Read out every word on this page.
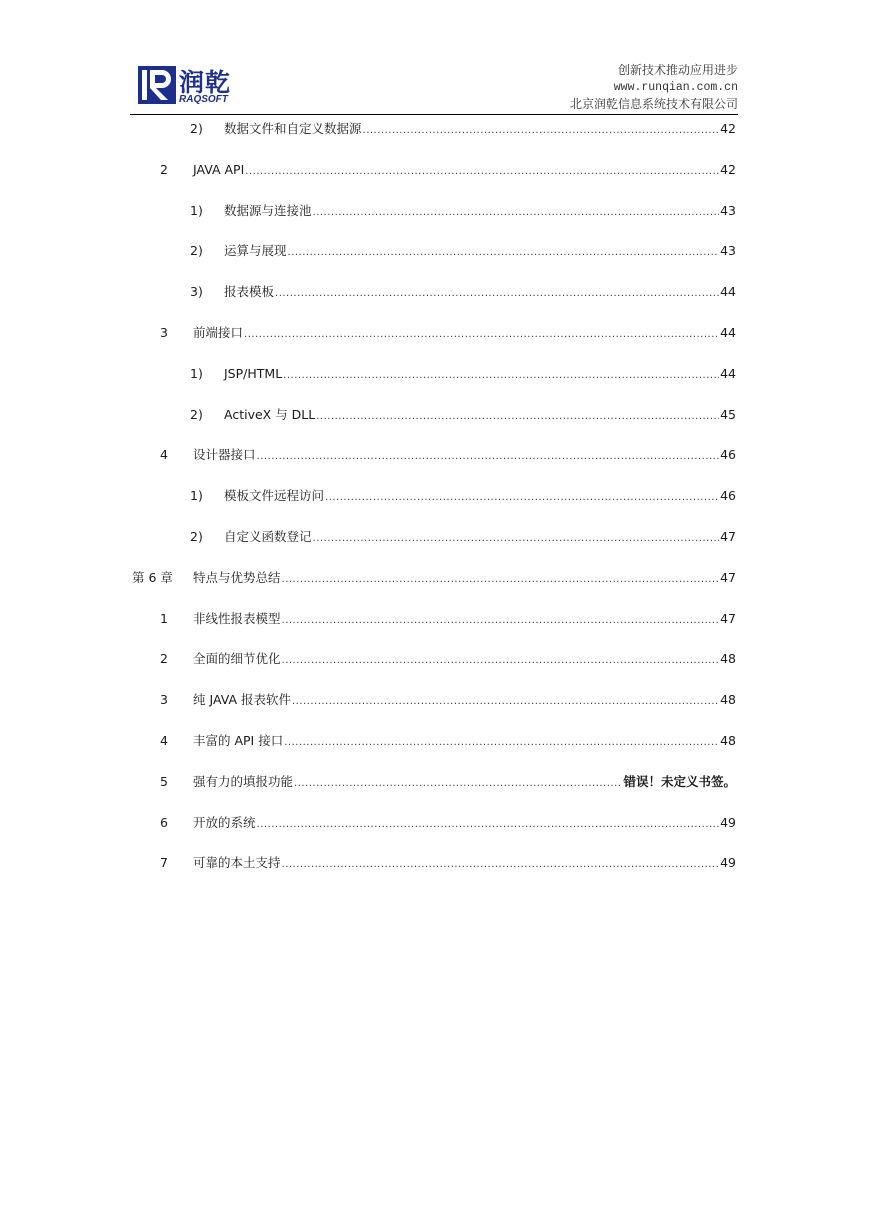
润乾
RAQSOFT
创新技术推动应用进步
www.runqian.com.cn
北京润乾信息系统技术有限公司
2) 数据文件和自定义数据源 .....	42
2 JAVA API .....	42
1) 数据源与连接池 .....	43
2) 运算与展现 .....	43
3) 报表模板 .....	44
3 前端接口 .....	44
1) JSP/HTML .....	44
2) ActiveX 与 DLL .....	45
4 设计器接口 .....	46
1) 模板文件远程访问 .....	46
2) 自定义函数登记 .....	47
第 6 章 特点与优势总结 .....	47
1 非线性报表模型 .....	47
2 全面的细节优化 .....	48
3 纯 JAVA 报表软件 .....	48
4 丰富的 API 接口 .....	48
5 强有力的填报功能 .....	错误！未定义书签。
6 开放的系统 .....	49
7 可靠的本土支持 .....	49
